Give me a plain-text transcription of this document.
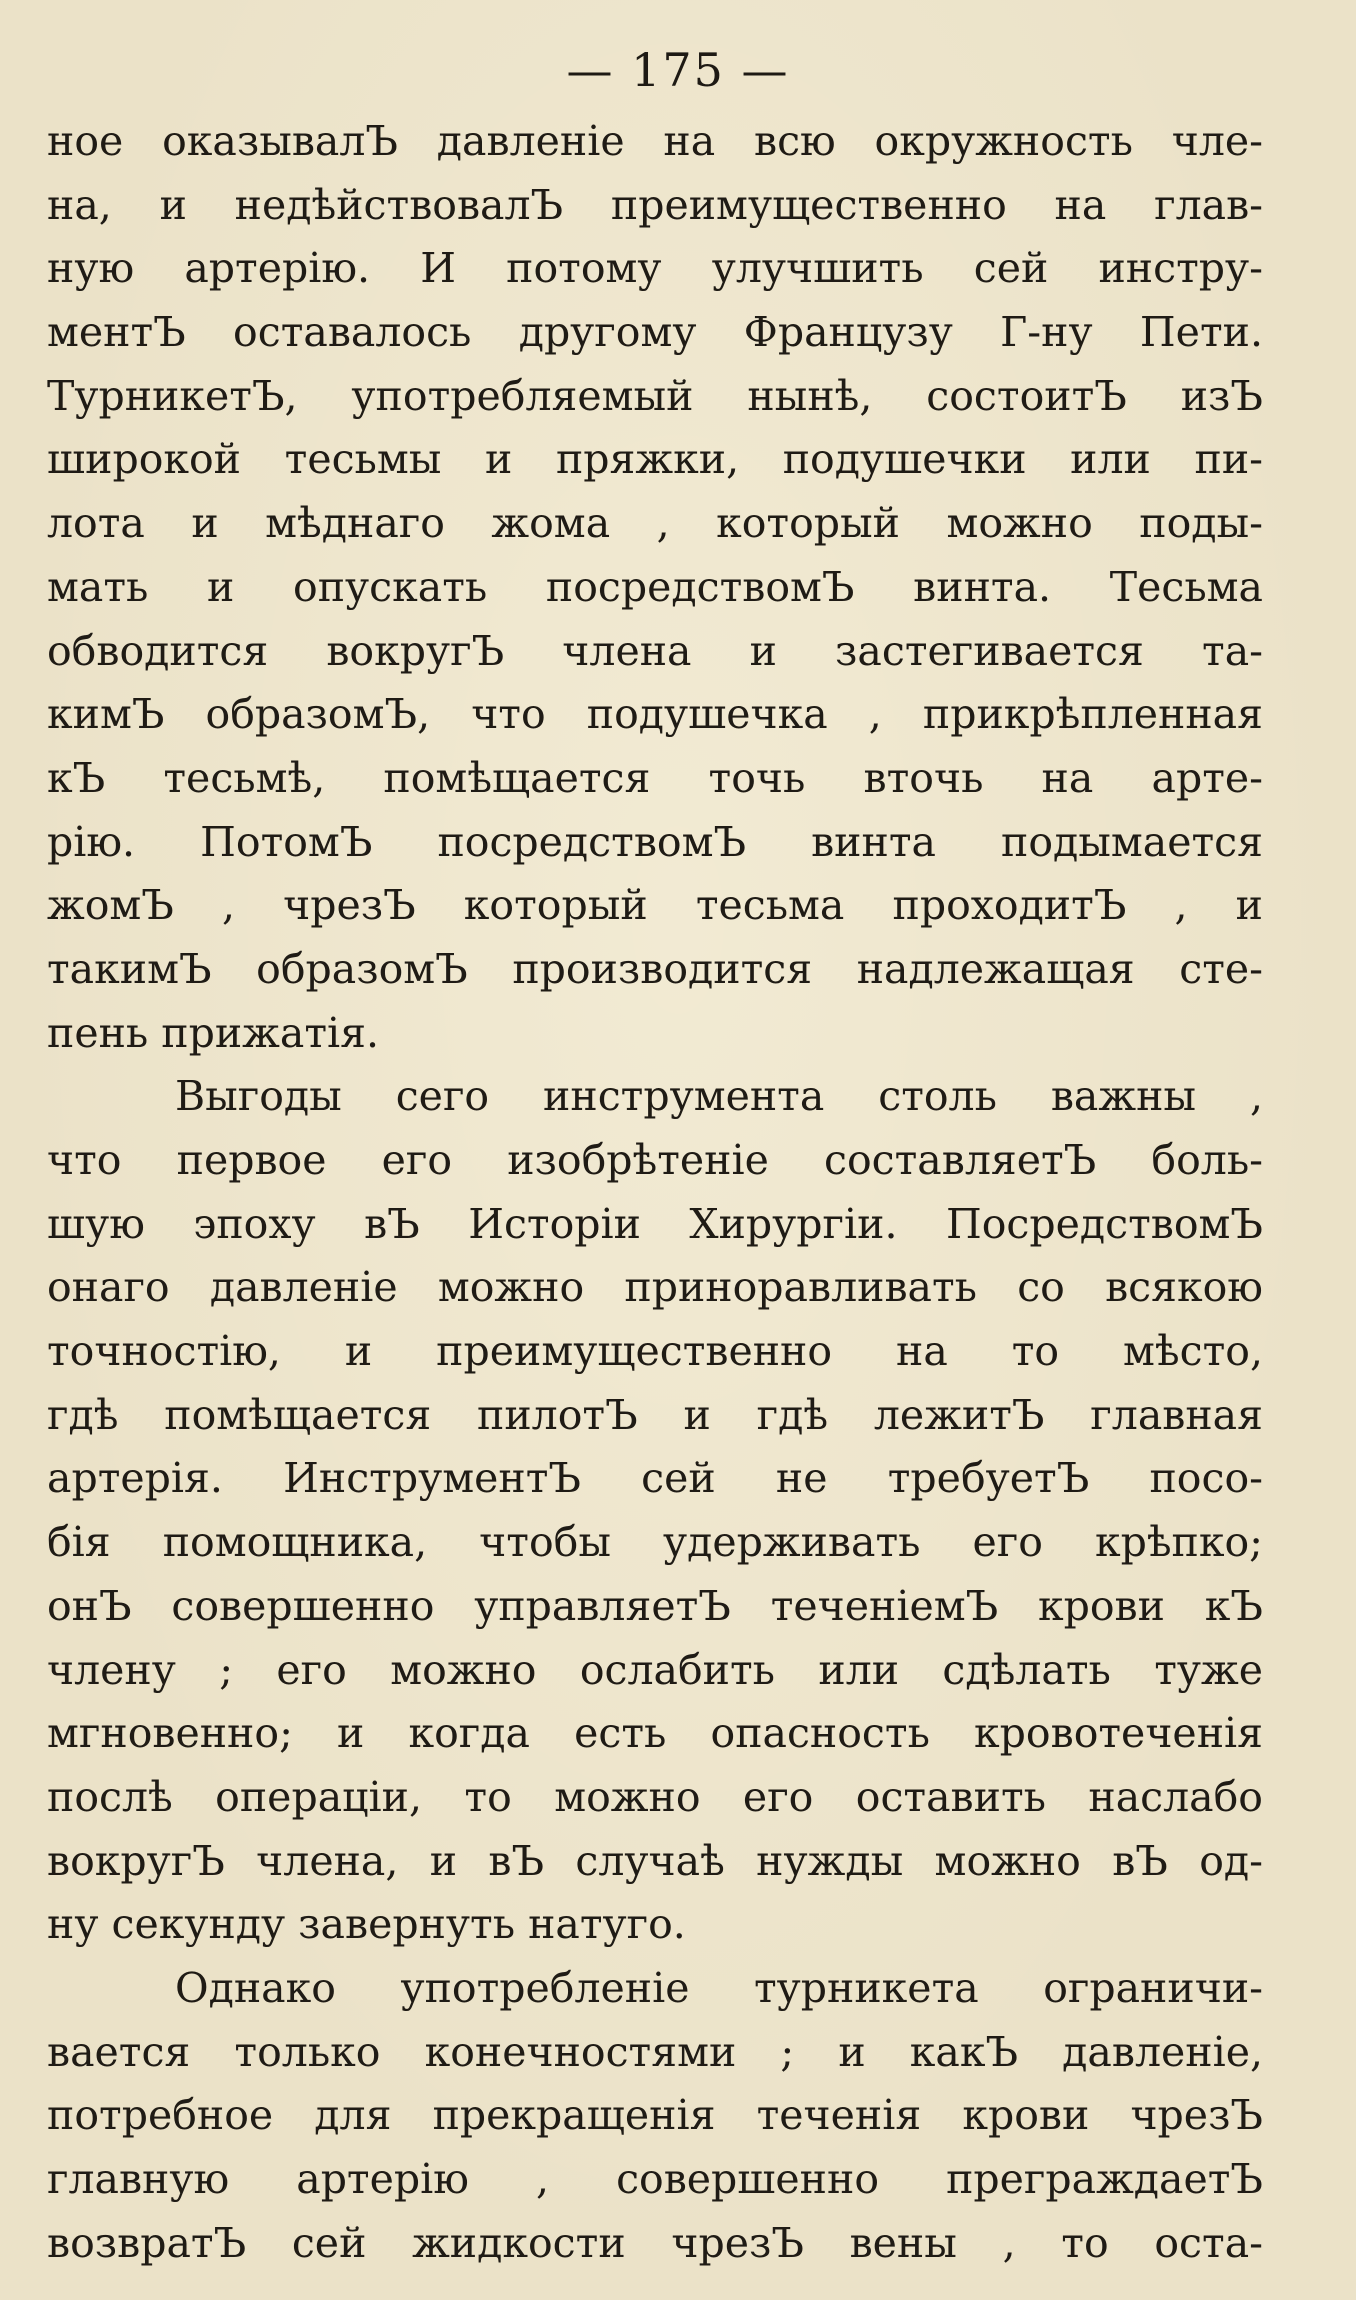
— 175 —
ное оказывалЪ давленіе на всю окружность чле-
на, и недѣйствовалЪ преимущественно на глав-
ную артерію. И потому улучшить сей инстру-
ментЪ оставалось другому Французу Г-ну Пети.
ТурникетЪ, употребляемый нынѣ, состоитЪ изЪ
широкой тесьмы и пряжки, подушечки или пи-
лота и мѣднаго жома , который можно поды-
мать и опускать посредствомЪ винта. Тесьма
обводится вокругЪ члена и застегивается та-
кимЪ образомЪ, что подушечка , прикрѣпленная
кЪ тесьмѣ, помѣщается точь вточь на арте-
рію. ПотомЪ посредствомЪ винта подымается
жомЪ , чрезЪ который тесьма проходитЪ , и
такимЪ образомЪ производится надлежащая сте-
пень прижатія.
Выгоды сего инструмента столь важны ,
что первое его изобрѣтеніе составляетЪ боль-
шую эпоху вЪ Исторіи Хирургіи. ПосредствомЪ
онаго давленіе можно приноравливать со всякою
точностію, и преимущественно на то мѣсто,
гдѣ помѣщается пилотЪ и гдѣ лежитЪ главная
артерія. ИнструментЪ сей не требуетЪ посо-
бія помощника, чтобы удерживать его крѣпко;
онЪ совершенно управляетЪ теченіемЪ крови кЪ
члену ; его можно ослабить или сдѣлать туже
мгновенно; и когда есть опасность кровотеченія
послѣ операціи, то можно его оставить наслабо
вокругЪ члена, и вЪ случаѣ нужды можно вЪ од-
ну секунду завернуть натуго.
Однако употребленіе турникета ограничи-
вается только конечностями ; и какЪ давленіе,
потребное для прекращенія теченія крови чрезЪ
главную артерію , совершенно преграждаетЪ
возвратЪ сей жидкости чрезЪ вены , то оста-
